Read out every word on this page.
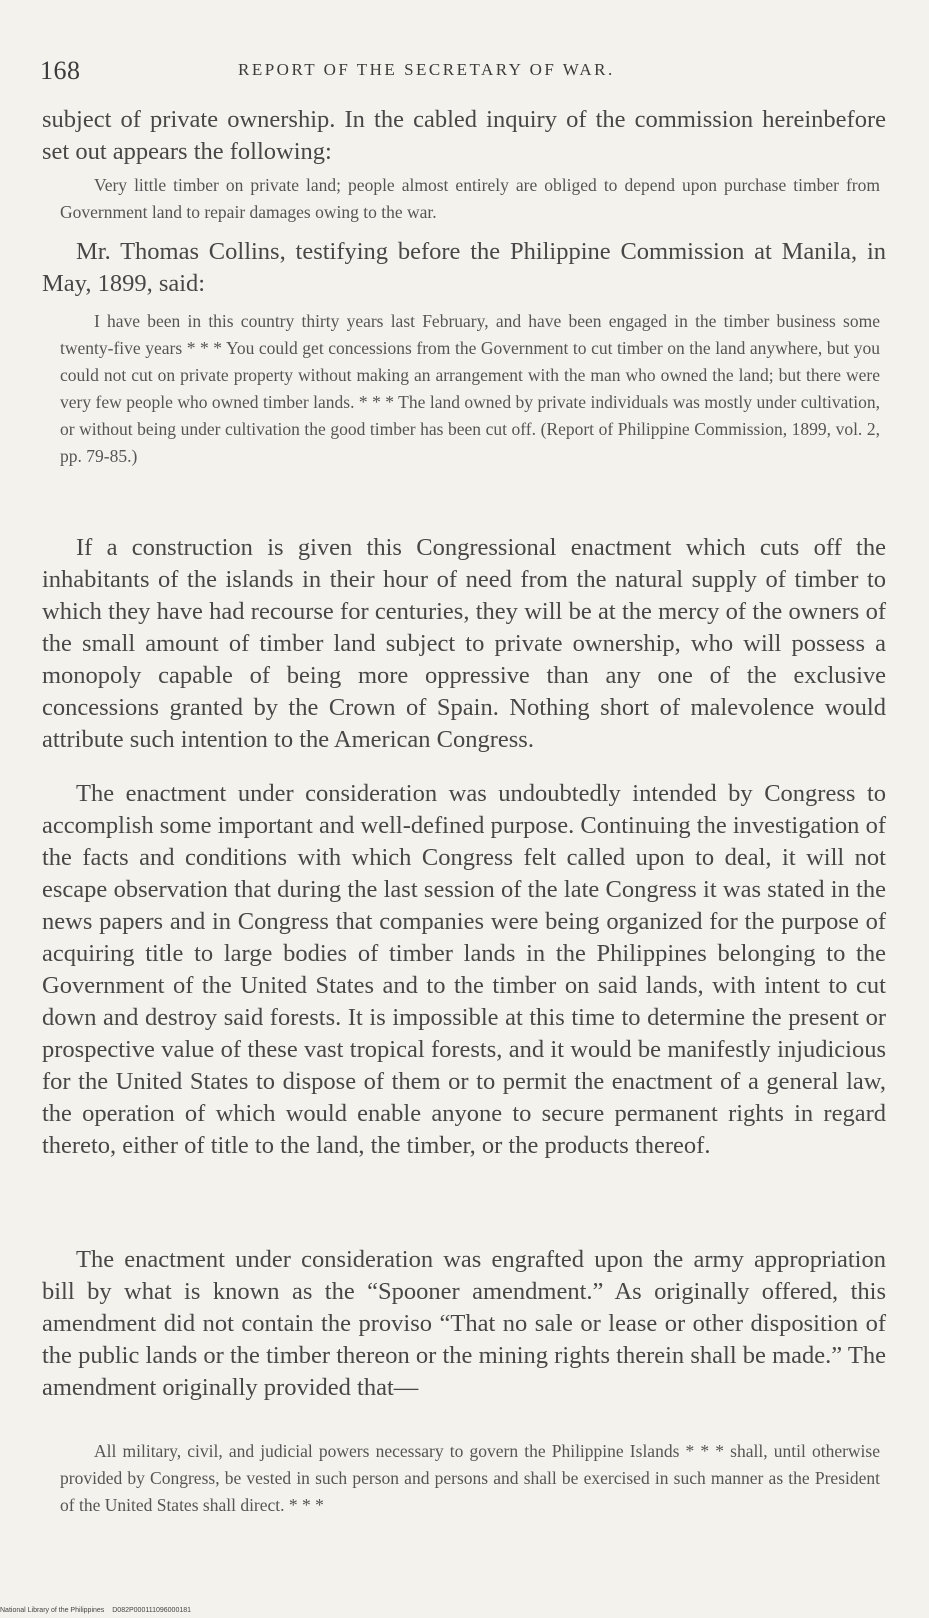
168	REPORT OF THE SECRETARY OF WAR.

subject of private ownership. In the cabled inquiry of the commission hereinbefore set out appears the following:

Very little timber on private land; people almost entirely are obliged to depend upon purchase timber from Government land to repair damages owing to the war.

Mr. Thomas Collins, testifying before the Philippine Commission at Manila, in May, 1899, said:

I have been in this country thirty years last February, and have been engaged in the timber business some twenty-five years * * * You could get concessions from the Government to cut timber on the land anywhere, but you could not cut on private property without making an arrangement with the man who owned the land; but there were very few people who owned timber lands. * * * The land owned by private individuals was mostly under cultivation, or without being under cultivation the good timber has been cut off. (Report of Philippine Commission, 1899, vol. 2, pp. 79-85.)

If a construction is given this Congressional enactment which cuts off the inhabitants of the islands in their hour of need from the natural supply of timber to which they have had recourse for centuries, they will be at the mercy of the owners of the small amount of timber land subject to private ownership, who will possess a monopoly capable of being more oppressive than any one of the exclusive concessions granted by the Crown of Spain. Nothing short of malevolence would attribute such intention to the American Congress.

The enactment under consideration was undoubtedly intended by Congress to accomplish some important and well-defined purpose. Continuing the investigation of the facts and conditions with which Congress felt called upon to deal, it will not escape observation that during the last session of the late Congress it was stated in the news papers and in Congress that companies were being organized for the purpose of acquiring title to large bodies of timber lands in the Philippines belonging to the Government of the United States and to the timber on said lands, with intent to cut down and destroy said forests. It is impossible at this time to determine the present or prospective value of these vast tropical forests, and it would be manifestly injudicious for the United States to dispose of them or to permit the enactment of a general law, the operation of which would enable anyone to secure permanent rights in regard thereto, either of title to the land, the timber, or the products thereof.

The enactment under consideration was engrafted upon the army appropriation bill by what is known as the “Spooner amendment.” As originally offered, this amendment did not contain the proviso “That no sale or lease or other disposition of the public lands or the timber thereon or the mining rights therein shall be made.” The amendment originally provided that—

All military, civil, and judicial powers necessary to govern the Philippine Islands * * * shall, until otherwise provided by Congress, be vested in such person and persons and shall be exercised in such manner as the President of the United States shall direct. * * *

National Library of the Philippines D082P000111096000181
